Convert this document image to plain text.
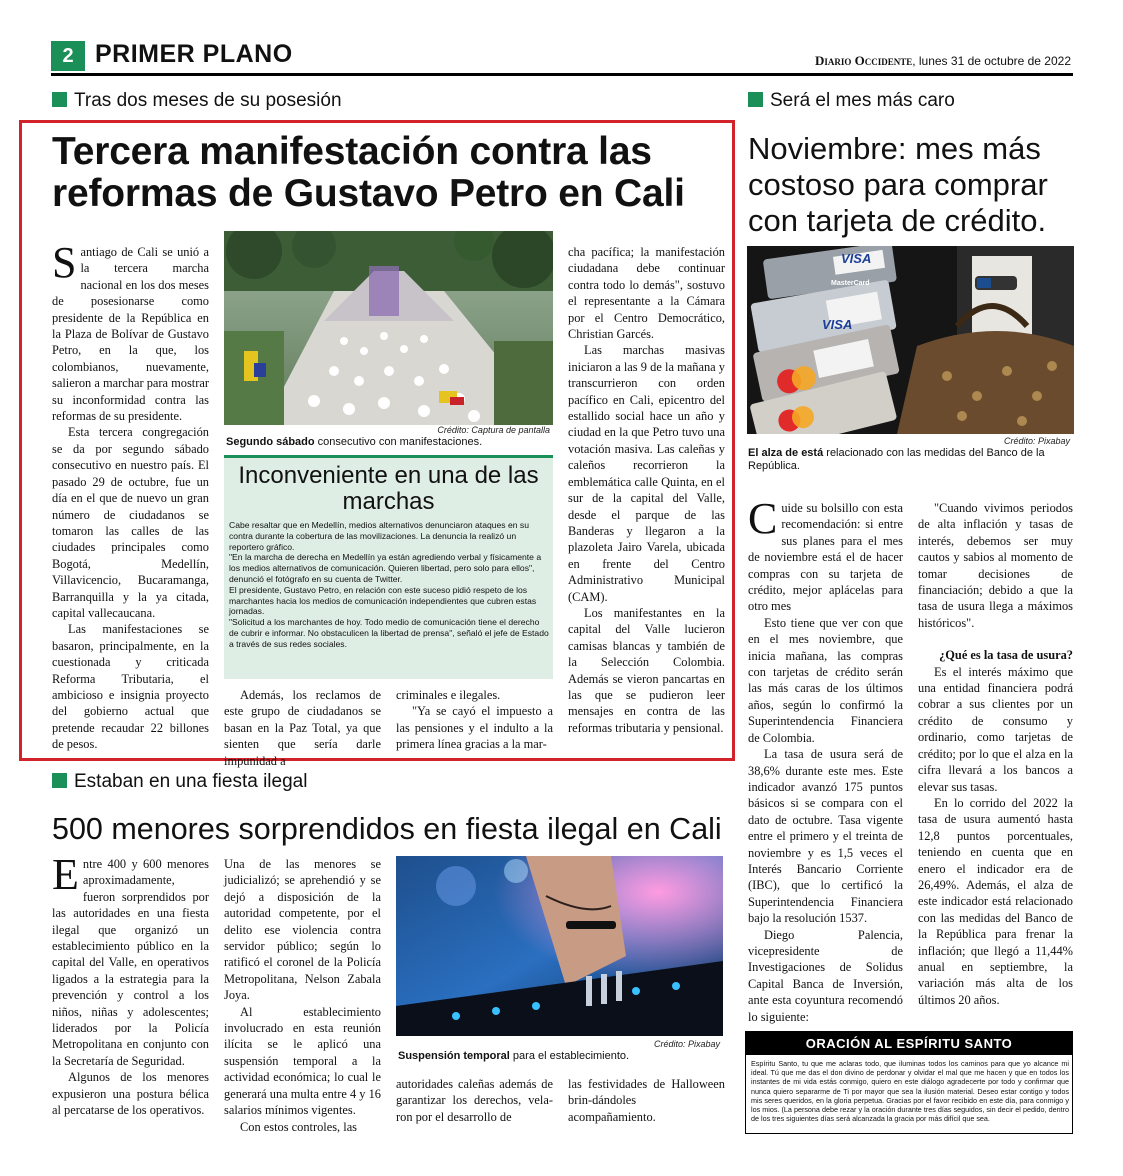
2 PRIMER PLANO	Diario Occidente, lunes 31 de octubre de 2022
Tras dos meses de su posesión
Tercera manifestación contra las reformas de Gustavo Petro en Cali

Santiago de Cali se unió a la tercera marcha nacional en los dos meses de posesionarse como presidente de la República en la Plaza de Bolívar de Gustavo Petro, en la que, los colombianos, nuevamente, salieron a marchar para mostrar su inconformidad contra las reformas de su presidente.

Esta tercera congregación se da por segundo sábado consecutivo en nuestro país. El pasado 29 de octubre, fue un día en el que de nuevo un gran número de ciudadanos se tomaron las calles de las ciudades principales como Bogotá, Medellín, Villavicencio, Bucaramanga, Barranquilla y la ya citada, capital vallecaucana.

Las manifestaciones se basaron, principalmente, en la cuestionada y criticada Reforma Tributaria, el ambicioso e insignia proyecto del gobierno actual que pretende recaudar 22 billones de pesos.

Crédito: Captura de pantalla
Segundo sábado consecutivo con manifestaciones.
Inconveniente en una de las marchas

Cabe resaltar que en Medellín, medios alternativos denunciaron ataques en su contra durante la cobertura de las movilizaciones. La denuncia la realizó un reportero gráfico.

"En la marcha de derecha en Medellín ya están agrediendo verbal y físicamente a los medios alternativos de comunicación. Quieren libertad, pero solo para ellos", denunció el fotógrafo en su cuenta de Twitter.

El presidente, Gustavo Petro, en relación con este suceso pidió respeto de los marchantes hacia los medios de comunicación independientes que cubren estas jornadas.

"Solicitud a los marchantes de hoy. Todo medio de comunicación tiene el derecho de cubrir e informar. No obstaculicen la libertad de prensa", señaló el jefe de Estado a través de sus redes sociales.

Además, los reclamos de este grupo de ciudadanos se basan en la Paz Total, ya que sienten que sería darle impunidad a

criminales e ilegales.

"Ya se cayó el impuesto a las pensiones y el indulto a la primera línea gracias a la mar-

cha pacífica; la manifestación ciudadana debe continuar contra todo lo demás", sostuvo el representante a la Cámara por el Centro Democrático, Christian Garcés.

Las marchas masivas iniciaron a las 9 de la mañana y transcurrieron con orden pacífico en Cali, epicentro del estallido social hace un año y ciudad en la que Petro tuvo una votación masiva. Las caleñas y caleños recorrieron la emblemática calle Quinta, en el sur de la capital del Valle, desde el parque de las Banderas y llegaron a la plazoleta Jairo Varela, ubicada en frente del Centro Administrativo Municipal (CAM).

Los manifestantes en la capital del Valle lucieron camisas blancas y también de la Selección Colombia. Además se vieron pancartas en las que se pudieron leer mensajes en contra de las reformas tributaria y pensional.

Será el mes más caro
Noviembre: mes más costoso para comprar con tarjeta de crédito.
VISA
VISA
MasterCard
Crédito: Pixabay
El alza de está relacionado con las medidas del Banco de la República.

Cuide su bolsillo con esta recomendación: si entre sus planes para el mes de noviembre está el de hacer compras con su tarjeta de crédito, mejor aplácelas para otro mes

Esto tiene que ver con que en el mes noviembre, que inicia mañana, las compras con tarjetas de crédito serán las más caras de los últimos años, según lo confirmó la Superintendencia Financiera de Colombia.

La tasa de usura será de 38,6% durante este mes. Este indicador avanzó 175 puntos básicos si se compara con el dato de octubre. Tasa vigente entre el primero y el treinta de noviembre y es 1,5 veces el Interés Bancario Corriente (IBC), que lo certificó la Superintendencia Financiera bajo la resolución 1537.

Diego Palencia, vicepresidente de Investigaciones de Solidus Capital Banca de Inversión, ante esta coyuntura recomendó lo siguiente:

"Cuando vivimos periodos de alta inflación y tasas de interés, debemos ser muy cautos y sabios al momento de tomar decisiones de financiación; debido a que la tasa de usura llega a máximos históricos".

¿Qué es la tasa de usura?

Es el interés máximo que una entidad financiera podrá cobrar a sus clientes por un crédito de consumo y ordinario, como tarjetas de crédito; por lo que el alza en la cifra llevará a los bancos a elevar sus tasas.

En lo corrido del 2022 la tasa de usura aumentó hasta 12,8 puntos porcentuales, teniendo en cuenta que en enero el indicador era de 26,49%. Además, el alza de este indicador está relacionado con las medidas del Banco de la República para frenar la inflación; que llegó a 11,44% anual en septiembre, la variación más alta de los últimos 20 años.

ORACIÓN AL ESPÍRITU SANTO
Espíritu Santo, tu que me aclaras todo, que iluminas todos los caminos para que yo alcance mi ideal. Tú que me das el don divino de perdonar y olvidar el mal que me hacen y que en todos los instantes de mi vida estás conmigo, quiero en este diálogo agradecerte por todo y confirmar que nunca quiero separarme de Ti por mayor que sea la ilusión material. Deseo estar contigo y todos mis seres queridos, en la gloria perpetua. Gracias por el favor recibido en este día, para conmigo y los mios. (La persona debe rezar y la oración durante tres días seguidos, sin decir el pedido, dentro de los tres siguientes días será alcanzada la gracia por más difícil que sea.
Estaban en una fiesta ilegal
500 menores sorprendidos en fiesta ilegal en Cali

Entre 400 y 600 menores aproximadamente, fueron sorprendidos por las autoridades en una fiesta ilegal que organizó un establecimiento público en la capital del Valle, en operativos ligados a la estrategia para la prevención y control a los niños, niñas y adolescentes; liderados por la Policía Metropolitana en conjunto con la Secretaría de Seguridad.

Algunos de los menores expusieron una postura bélica al percatarse de los operativos.

Una de las menores se judicializó; se aprehendió y se dejó a disposición de la autoridad competente, por el delito ese violencia contra servidor público; según lo ratificó el coronel de la Policía Metropolitana, Nelson Zabala Joya.

Al establecimiento involucrado en esta reunión ilícita se le aplicó una suspensión temporal a la actividad económica; lo cual le generará una multa entre 4 y 16 salarios mínimos vigentes.

Con estos controles, las

Crédito: Pixabay
Suspensión temporal para el establecimiento.

autoridades caleñas además de garantizar los derechos, vela-ron por el desarrollo de

las festividades de Halloween brin-dándoles acompañamiento.
